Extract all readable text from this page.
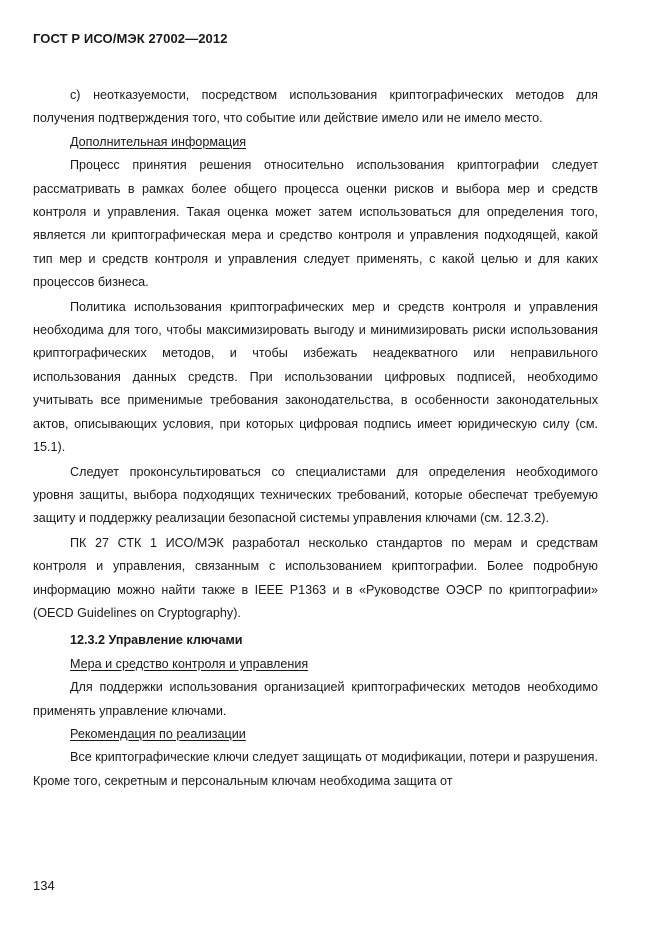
ГОСТ Р ИСО/МЭК 27002—2012

c) неотказуемости, посредством использования криптографических методов для получения подтверждения того, что событие или действие имело или не имело место.

Дополнительная информация

Процесс принятия решения относительно использования криптографии следует рассматривать в рамках более общего процесса оценки рисков и выбора мер и средств контроля и управления. Такая оценка может затем использоваться для определения того, является ли криптографическая мера и средство контроля и управления подходящей, какой тип мер и средств контроля и управления следует применять, с какой целью и для каких процессов бизнеса.

Политика использования криптографических мер и средств контроля и управления необходима для того, чтобы максимизировать выгоду и минимизировать риски использования криптографических методов, и чтобы избежать неадекватного или неправильного использования данных средств. При использовании цифровых подписей, необходимо учитывать все применимые требования законодательства, в особенности законодательных актов, описывающих условия, при которых цифровая подпись имеет юридическую силу (см. 15.1).

Следует проконсультироваться со специалистами для определения необходимого уровня защиты, выбора подходящих технических требований, которые обеспечат требуемую защиту и поддержку реализации безопасной системы управления ключами (см. 12.3.2).

ПК 27 СТК 1 ИСО/МЭК разработал несколько стандартов по мерам и средствам контроля и управления, связанным с использованием криптографии. Более подробную информацию можно найти также в IEEE P1363 и в «Руководстве ОЭСР по криптографии» (OECD Guidelines on Cryptography).

12.3.2 Управление ключами

Мера и средство контроля и управления

Для поддержки использования организацией криптографических методов необходимо применять управление ключами.

Рекомендация по реализации

Все криптографические ключи следует защищать от модификации, потери и разрушения. Кроме того, секретным и персональным ключам необходима защита от

134
